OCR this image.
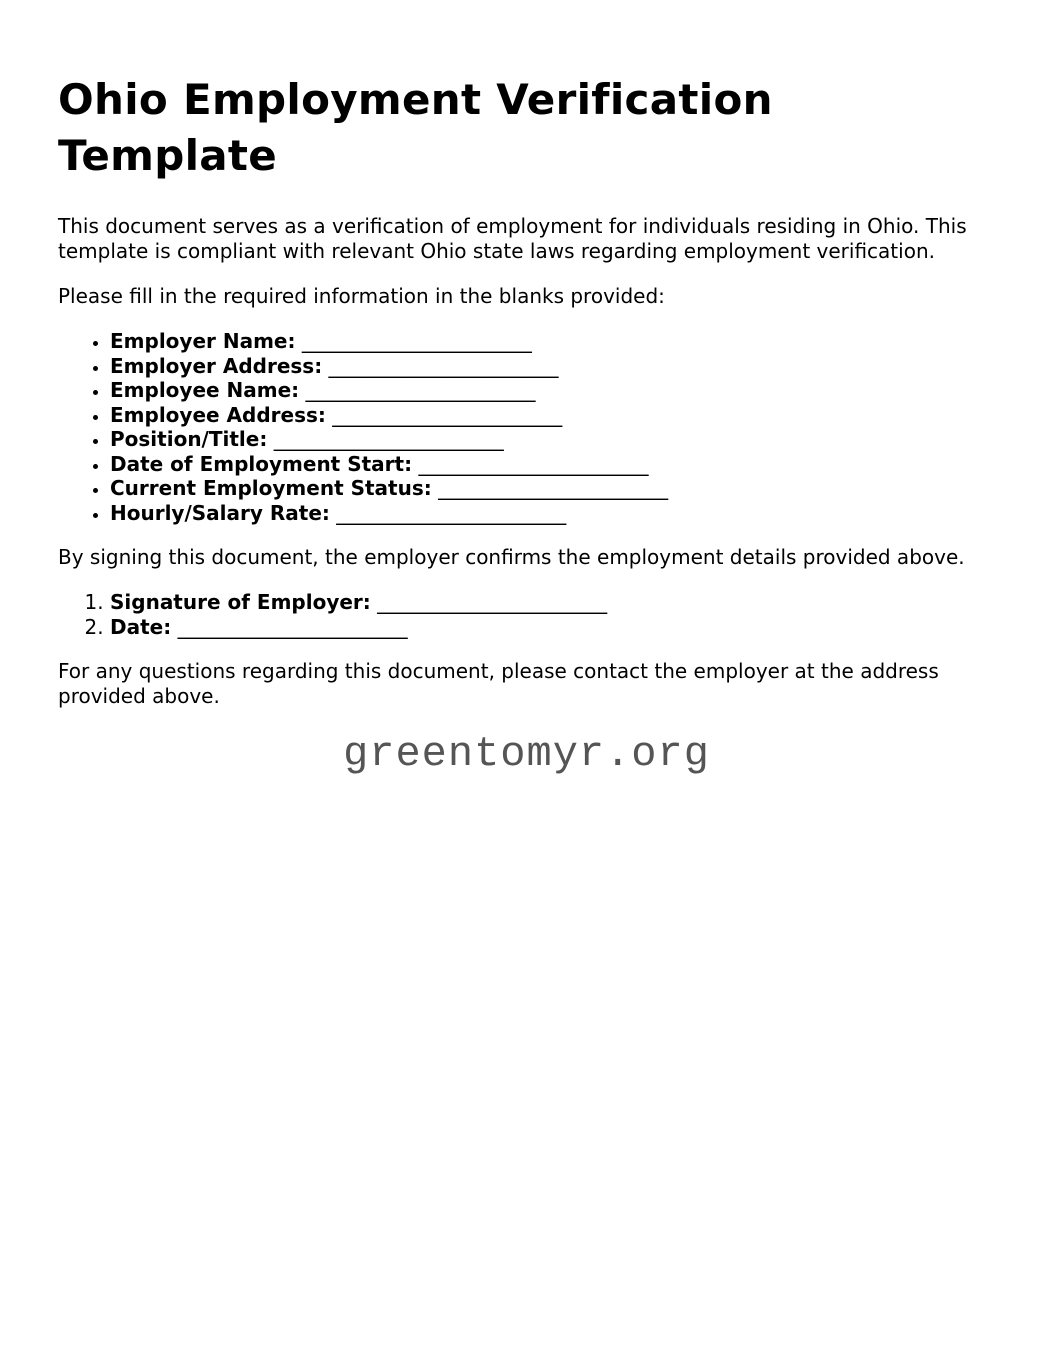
Ohio Employment Verification Template

This document serves as a verification of employment for individuals residing in Ohio. This template is compliant with relevant Ohio state laws regarding employment verification.

Please fill in the required information in the blanks provided:

• Employer Name: _______________________
• Employer Address: _______________________
• Employee Name: _______________________
• Employee Address: _______________________
• Position/Title: _______________________
• Date of Employment Start: _______________________
• Current Employment Status: _______________________
• Hourly/Salary Rate: _______________________

By signing this document, the employer confirms the employment details provided above.

1. Signature of Employer: _______________________
2. Date: _______________________

For any questions regarding this document, please contact the employer at the address provided above.

greentomyr.org
